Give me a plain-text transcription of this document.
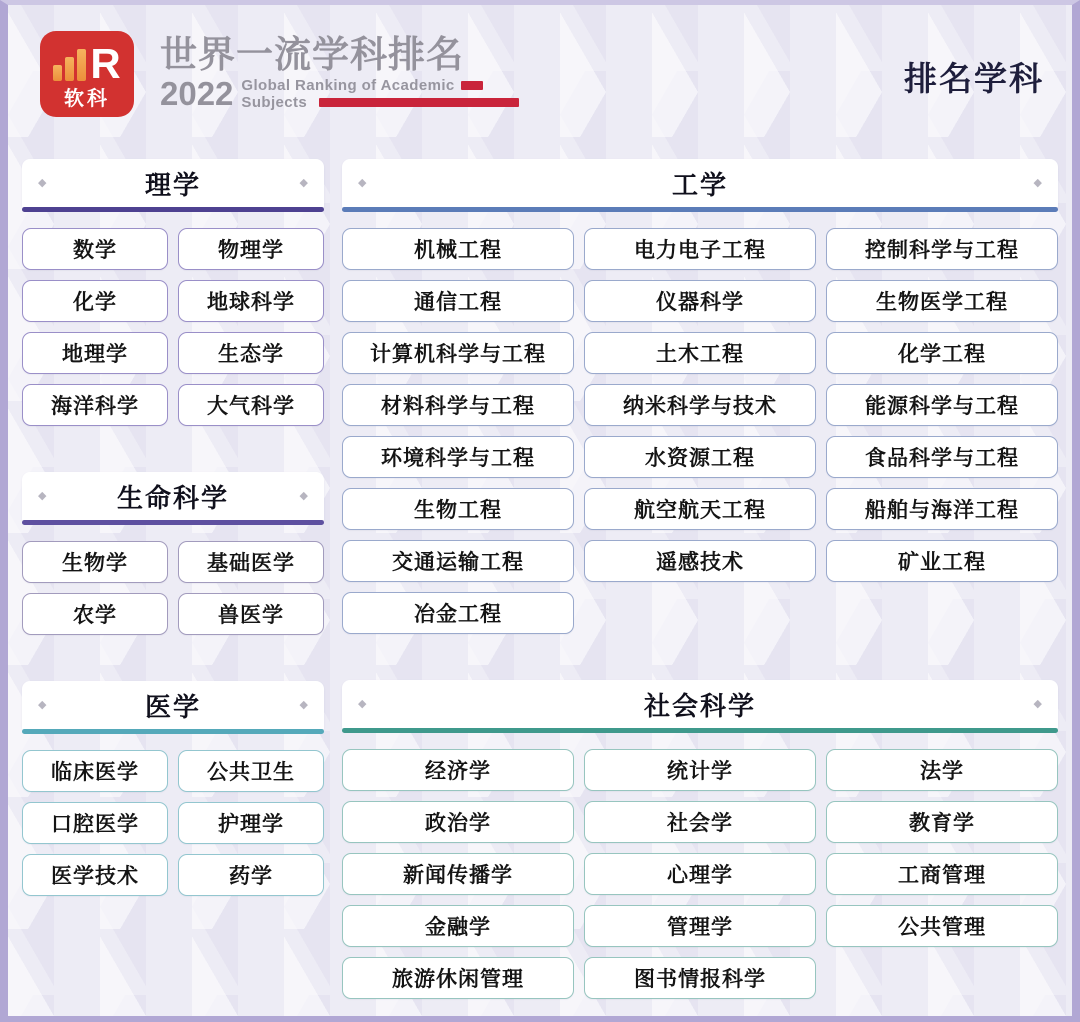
R
软科
世界一流学科排名
2022 Global Ranking of Academic
Subjects
排名学科
◆	理学	◆
数学	物理学
化学	地球科学
地理学	生态学
海洋科学	大气科学
◆	生命科学	◆
生物学	基础医学
农学	兽医学
◆	医学	◆
临床医学	公共卫生
口腔医学	护理学
医学技术	药学
◆	工学	◆
机械工程	电力电子工程	控制科学与工程
通信工程	仪器科学	生物医学工程
计算机科学与工程	土木工程	化学工程
材料科学与工程	纳米科学与技术	能源科学与工程
环境科学与工程	水资源工程	食品科学与工程
生物工程	航空航天工程	船舶与海洋工程
交通运输工程	遥感技术	矿业工程
冶金工程
◆	社会科学	◆
经济学	统计学	法学
政治学	社会学	教育学
新闻传播学	心理学	工商管理
金融学	管理学	公共管理
旅游休闲管理	图书情报科学
